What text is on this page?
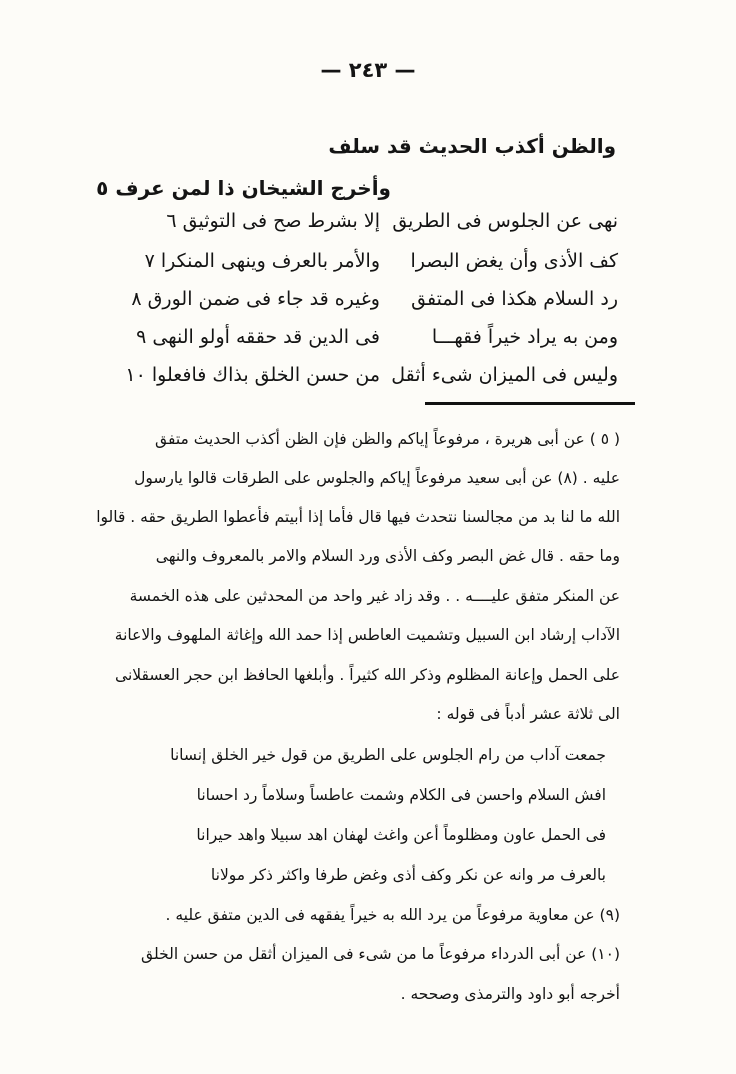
— ٢٤٣ —
والظن أكذب الحديث قد سلف
وأخرج الشيخان ذا لمن عرف ٥
نهى عن الجلوس فى الطريق
إلا بشرط صح فى التوثيق ٦
كف الأذى وأن يغض البصرا
والأمر بالعرف وينهى المنكرا ٧
رد السلام هكذا فى المتفق
وغيره قد جاء فى ضمن الورق ٨
ومن به يراد خيراً فقهـــا
فى الدين قد حققه أولو النهى ٩
وليس فى الميزان شىء أثقل
من حسن الخلق بذاك فافعلوا ١٠
( ٥ ) عن أبى هريرة ، مرفوعاً إياكم والظن فإن الظن أكذب الحديث متفق
عليه . (٨) عن أبى سعيد مرفوعاً إياكم والجلوس على الطرقات قالوا يارسول
الله ما لنا بد من مجالسنا نتحدث فيها قال فأما إذا أبيتم فأعطوا الطريق حقه . قالوا
وما حقه . قال غض البصر وكف الأذى ورد السلام والامر بالمعروف والنهى
عن المنكر متفق عليــــه . . وقد زاد غير واحد من المحدثين على هذه الخمسة
الآداب إرشاد ابن السبيل وتشميت العاطس إذا حمد الله وإغاثة الملهوف والاعانة
على الحمل وإعانة المظلوم وذكر الله كثيراً . وأبلغها الحافظ ابن حجر العسقلانى
الى ثلاثة عشر أدباً فى قوله :
جمعت آداب من رام الجلوس على الطريق من قول خير الخلق إنسانا
افش السلام واحسن فى الكلام وشمت عاطساً وسلاماً رد احسانا
فى الحمل عاون ومظلوماً أعن واغث لهفان اهد سبيلا واهد حيرانا
بالعرف مر وانه عن نكر وكف أذى وغض طرفا واكثر ذكر مولانا
(٩) عن معاوية مرفوعاً من يرد الله به خيراً يفقهه فى الدين متفق عليه .
(١٠) عن أبى الدرداء مرفوعاً ما من شىء فى الميزان أثقل من حسن الخلق
أخرجه أبو داود والترمذى وصححه .
